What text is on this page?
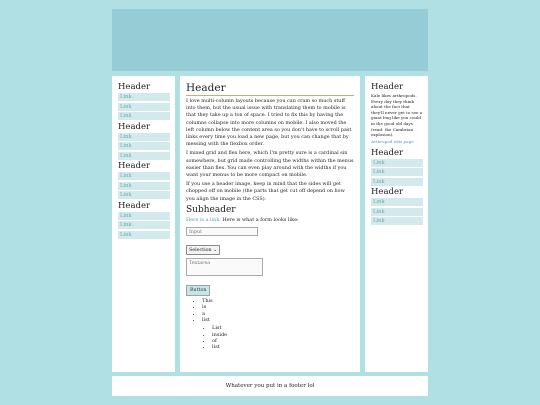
Header
Link
Link
Link
Header
Link
Link
Link
Header
Link
Link
Link
Header
Link
Link
Link
Header

I love multi-column layouts because you can cram so much stuff into them, but the usual issue with translating them to mobile is that they take up a ton of space. I tried to fix this by having the columns collapse into more columns on mobile. I also moved the left column below the content area so you don't have to scroll past links every time you load a new page, but you can change that by messing with the flexbox order.

I mixed grid and flex here, which I'm pretty sure is a cardinal sin somewhere, but grid made controlling the widths within the menus easier than flex. You can even play around with the widths if you want your menus to be more compact on mobile.

If you use a header image, keep in mind that the sides will get chopped off on mobile (the parts that get cut off depend on how you align the image in the CSS).

Subheader

Here is a link. Here is what a form looks like:

Input
Selection ⌄
Textarea
Button
• This
• is
• a
• list
• List
• inside
• of
• list
Header

Kale likes arthropods. Every day they think about the fact that they'll never get to see a giant bug like you could in the good old days (read: the Cambrian explosion).

Arthropod wiki page
Header
Link
Link
Link
Header
Link
Link
Link
Whatever you put in a footer lol
